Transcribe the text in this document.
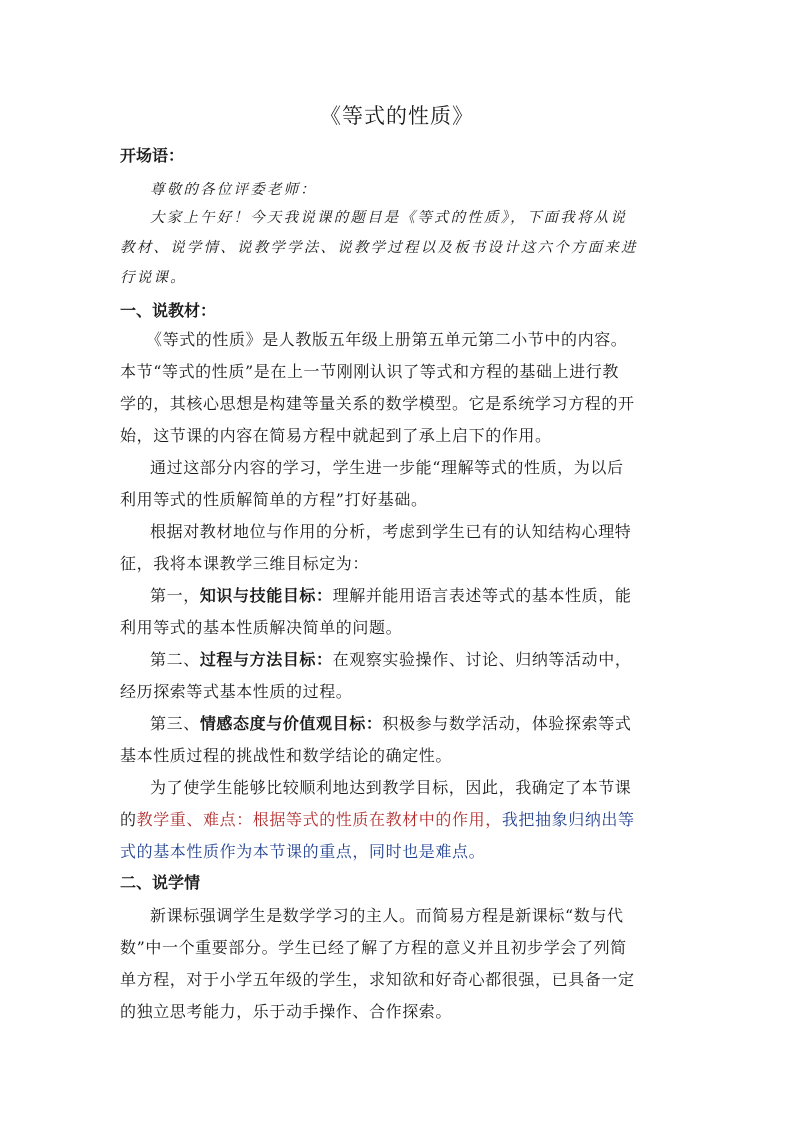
《等式的性质》
开场语：
尊敬的各位评委老师：
大家上午好！今天我说课的题目是《等式的性质》，下面我将从说
教材、说学情、说教学学法、说教学过程以及板书设计这六个方面来进
行说课。
一、说教材：
《等式的性质》是人教版五年级上册第五单元第二小节中的内容。
本节“等式的性质”是在上一节刚刚认识了等式和方程的基础上进行教
学的，其核心思想是构建等量关系的数学模型。它是系统学习方程的开
始，这节课的内容在简易方程中就起到了承上启下的作用。
通过这部分内容的学习，学生进一步能“理解等式的性质，为以后
利用等式的性质解简单的方程”打好基础。
根据对教材地位与作用的分析，考虑到学生已有的认知结构心理特
征，我将本课教学三维目标定为：
第一，知识与技能目标：理解并能用语言表述等式的基本性质，能
利用等式的基本性质解决简单的问题。
第二、过程与方法目标：在观察实验操作、讨论、归纳等活动中，
经历探索等式基本性质的过程。
第三、情感态度与价值观目标：积极参与数学活动，体验探索等式
基本性质过程的挑战性和数学结论的确定性。
为了使学生能够比较顺利地达到教学目标，因此，我确定了本节课
的教学重、难点：根据等式的性质在教材中的作用，我把抽象归纳出等
式的基本性质作为本节课的重点，同时也是难点。
二、说学情
新课标强调学生是数学学习的主人。而简易方程是新课标“数与代
数”中一个重要部分。学生已经了解了方程的意义并且初步学会了列简
单方程，对于小学五年级的学生，求知欲和好奇心都很强，已具备一定
的独立思考能力，乐于动手操作、合作探索。
